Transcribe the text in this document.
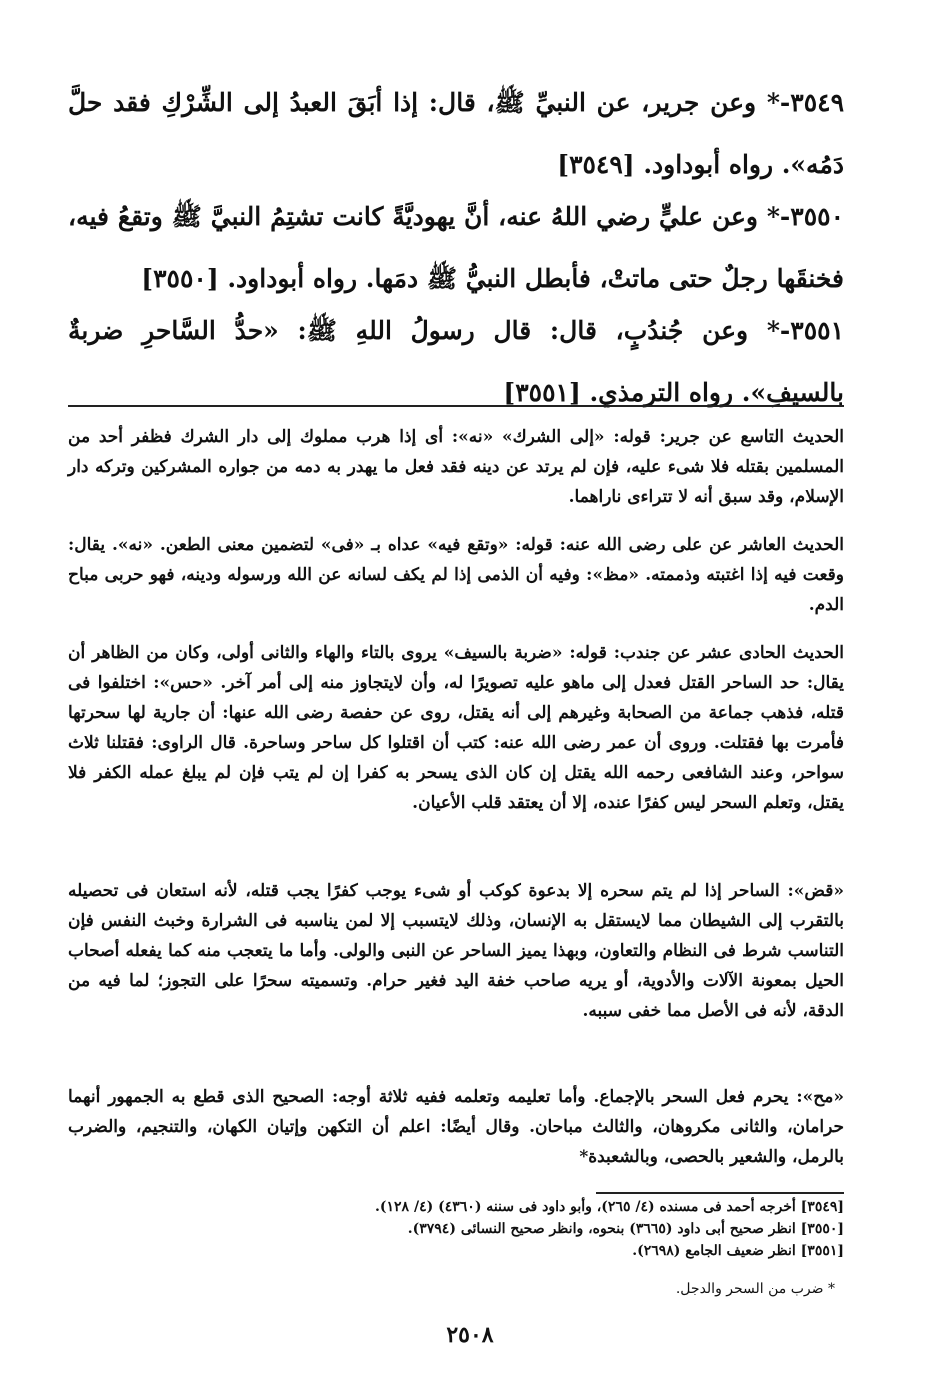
٣٥٤٩-* وعن جرير، عن النبيِّ ﷺ، قال: إذا أبَقَ العبدُ إلى الشِّرْكِ فقد حلَّ دَمُه». رواه أبوداود. [٣٥٤٩]
٣٥٥٠-* وعن عليٍّ رضي اللهُ عنه، أنَّ يهوديَّةً كانت تشتِمُ النبيَّ ﷺ وتقعُ فيه، فخنقَها رجلٌ حتى ماتتْ، فأبطل النبيُّ ﷺ دمَها. رواه أبوداود. [٣٥٥٠]
٣٥٥١-* وعن جُندُبٍ، قال: قال رسولُ اللهِ ﷺ: «حدُّ السَّاحرِ ضربةٌ بالسيفِ». رواه الترمذي. [٣٥٥١]
الحديث التاسع عن جرير: قوله: «إلى الشرك» «نه»: أى إذا هرب مملوك إلى دار الشرك فظفر أحد من المسلمين بقتله فلا شىء عليه، فإن لم يرتد عن دينه فقد فعل ما يهدر به دمه من جواره المشركين وتركه دار الإسلام، وقد سبق أنه لا تتراءى ناراهما.
الحديث العاشر عن على رضى الله عنه: قوله: «وتقع فيه» عداه بـ «فى» لتضمين معنى الطعن. «نه». يقال: وقعت فيه إذا اغتبته وذممته. «مظ»: وفيه أن الذمى إذا لم يكف لسانه عن الله ورسوله ودينه، فهو حربى مباح الدم.
الحديث الحادى عشر عن جندب: قوله: «ضربة بالسيف» يروى بالتاء والهاء والثانى أولى، وكان من الظاهر أن يقال: حد الساحر القتل فعدل إلى ماهو عليه تصويرًا له، وأن لايتجاوز منه إلى أمر آخر. «حس»: اختلفوا فى قتله، فذهب جماعة من الصحابة وغيرهم إلى أنه يقتل، روى عن حفصة رضى الله عنها: أن جارية لها سحرتها فأمرت بها فقتلت. وروى أن عمر رضى الله عنه: كتب أن اقتلوا كل ساحر وساحرة. قال الراوى: فقتلنا ثلاث سواحر، وعند الشافعى رحمه الله يقتل إن كان الذى يسحر به كفرا إن لم يتب فإن لم يبلغ عمله الكفر فلا يقتل، وتعلم السحر ليس كفرًا عنده، إلا أن يعتقد قلب الأعيان.
«قض»: الساحر إذا لم يتم سحره إلا بدعوة كوكب أو شىء يوجب كفرًا يجب قتله، لأنه استعان فى تحصيله بالتقرب إلى الشيطان مما لايستقل به الإنسان، وذلك لايتسبب إلا لمن يناسبه فى الشرارة وخبث النفس فإن التناسب شرط فى النظام والتعاون، وبهذا يميز الساحر عن النبى والولى. وأما ما يتعجب منه كما يفعله أصحاب الحيل بمعونة الآلات والأدوية، أو يريه صاحب خفة اليد فغير حرام. وتسميته سحرًا على التجوز؛ لما فيه من الدقة، لأنه فى الأصل مما خفى سببه.
«مح»: يحرم فعل السحر بالإجماع. وأما تعليمه وتعلمه ففيه ثلاثة أوجه: الصحيح الذى قطع به الجمهور أنهما حرامان، والثانى مكروهان، والثالث مباحان. وقال أيضًا: اعلم أن التكهن وإتيان الكهان، والتنجيم، والضرب بالرمل، والشعير بالحصى، وبالشعبدة*
[٣٥٤٩] أخرجه أحمد فى مسنده (٤/ ٢٦٥)، وأبو داود فى سننه (٤٣٦٠) (٤/ ١٢٨).
[٣٥٥٠] انظر صحيح أبى داود (٣٦٦٥) بنحوه، وانظر صحيح النسائى (٣٧٩٤).
[٣٥٥١] انظر ضعيف الجامع (٢٦٩٨).
* ضرب من السحر والدجل.
٢٥٠٨
